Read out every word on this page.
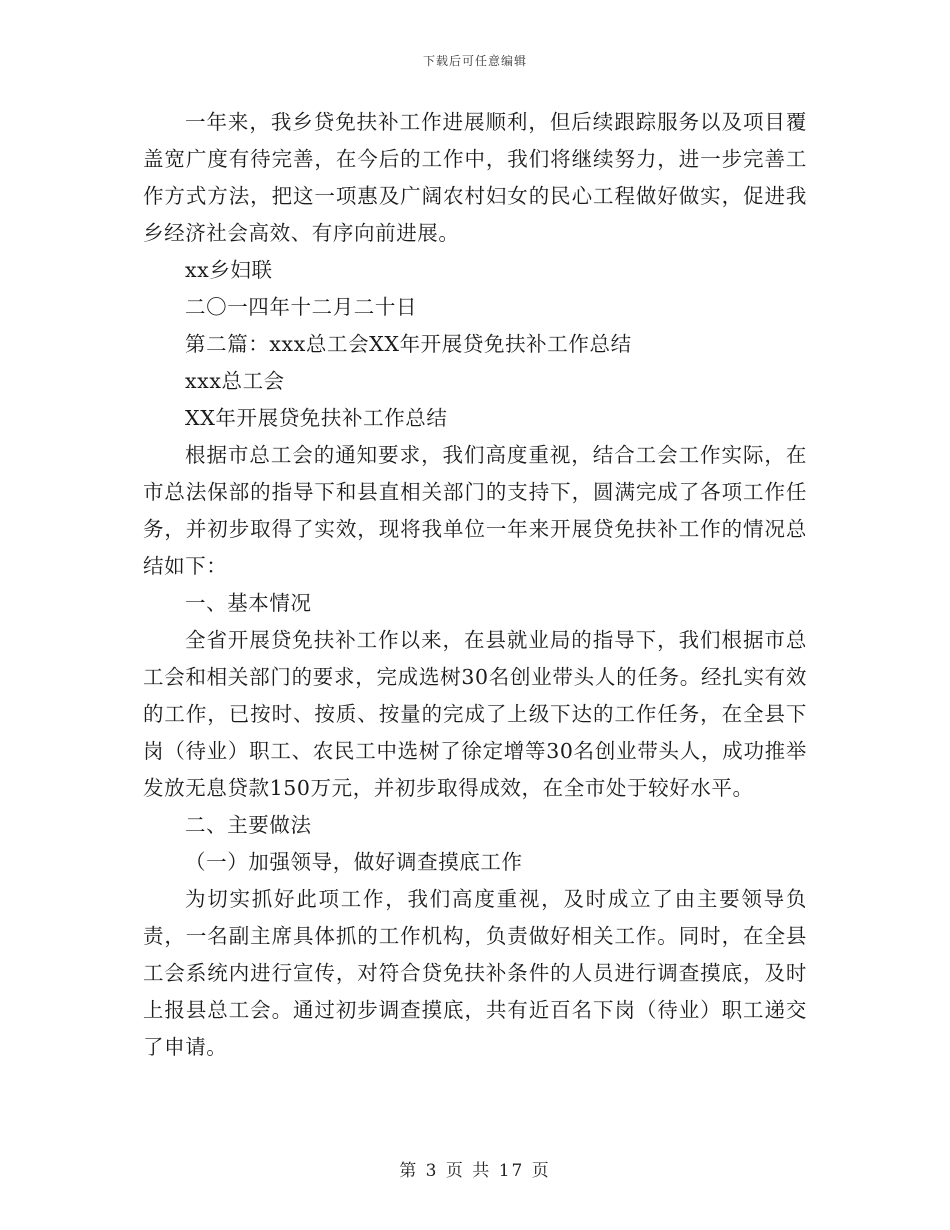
下载后可任意编辑

一年来，我乡贷免扶补工作进展顺利，但后续跟踪服务以及项目覆盖宽广度有待完善，在今后的工作中，我们将继续努力，进一步完善工作方式方法，把这一项惠及广阔农村妇女的民心工程做好做实，促进我乡经济社会高效、有序向前进展。

xx乡妇联

二〇一四年十二月二十日

第二篇：xxx总工会XX年开展贷免扶补工作总结

xxx总工会

XX年开展贷免扶补工作总结

根据市总工会的通知要求，我们高度重视，结合工会工作实际，在市总法保部的指导下和县直相关部门的支持下，圆满完成了各项工作任务，并初步取得了实效，现将我单位一年来开展贷免扶补工作的情况总结如下：

一、基本情况

全省开展贷免扶补工作以来，在县就业局的指导下，我们根据市总工会和相关部门的要求，完成选树30名创业带头人的任务。经扎实有效的工作，已按时、按质、按量的完成了上级下达的工作任务，在全县下岗（待业）职工、农民工中选树了徐定增等30名创业带头人，成功推举发放无息贷款150万元，并初步取得成效，在全市处于较好水平。

二、主要做法

（一）加强领导，做好调查摸底工作

为切实抓好此项工作，我们高度重视，及时成立了由主要领导负责，一名副主席具体抓的工作机构，负责做好相关工作。同时，在全县工会系统内进行宣传，对符合贷免扶补条件的人员进行调查摸底，及时上报县总工会。通过初步调查摸底，共有近百名下岗（待业）职工递交了申请。

第 3 页 共 17 页
